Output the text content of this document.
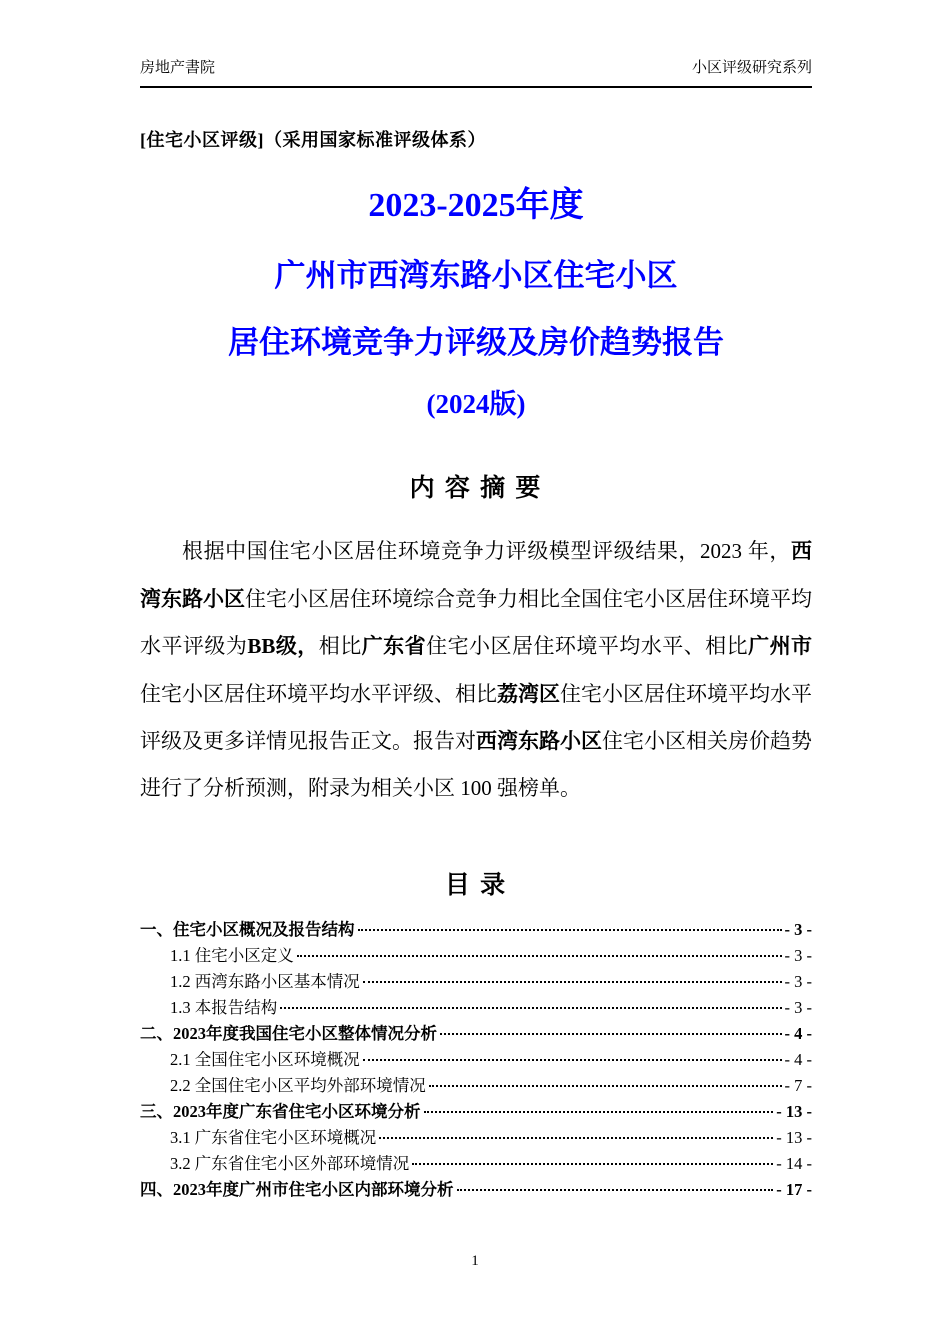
房地产書院	小区评级研究系列
[住宅小区评级]（采用国家标准评级体系）
2023-2025年度
广州市西湾东路小区住宅小区
居住环境竞争力评级及房价趋势报告
(2024版)
内 容 摘 要

根据中国住宅小区居住环境竞争力评级模型评级结果，2023 年，西湾东路小区住宅小区居住环境综合竞争力相比全国住宅小区居住环境平均水平评级为BB级，相比广东省住宅小区居住环境平均水平、相比广州市住宅小区居住环境平均水平评级、相比荔湾区住宅小区居住环境平均水平评级及更多详情见报告正文。报告对西湾东路小区住宅小区相关房价趋势进行了分析预测，附录为相关小区 100 强榜单。

目 录
一、住宅小区概况及报告结构	- 3 -
1.1 住宅小区定义	- 3 -
1.2 西湾东路小区基本情况	- 3 -
1.3 本报告结构	- 3 -
二、2023年度我国住宅小区整体情况分析	- 4 -
2.1 全国住宅小区环境概况	- 4 -
2.2 全国住宅小区平均外部环境情况	- 7 -
三、2023年度广东省住宅小区环境分析	- 13 -
3.1 广东省住宅小区环境概况	- 13 -
3.2 广东省住宅小区外部环境情况	- 14 -
四、2023年度广州市住宅小区内部环境分析	- 17 -
1
